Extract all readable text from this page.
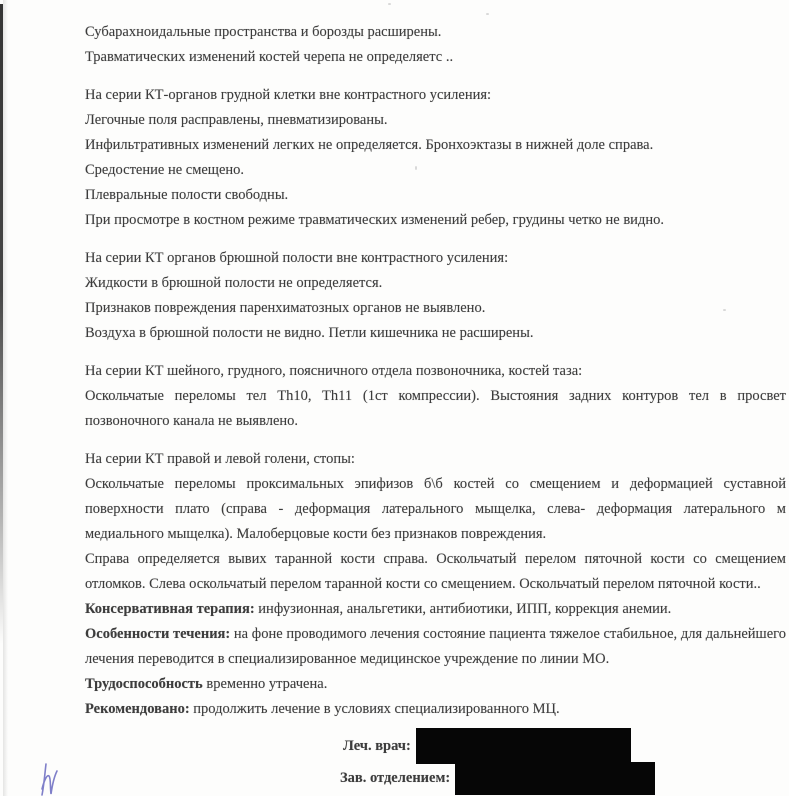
Субарахноидальные пространства и борозды расширены.

Травматических изменений костей черепа не определяетс ..

На серии КТ-органов грудной клетки вне контрастного усиления:

Легочные поля расправлены, пневматизированы.

Инфильтративных изменений легких не определяется. Бронхоэктазы в нижней доле справа.

Средостение не смещено.

Плевральные полости свободны.

При просмотре в костном режиме травматических изменений ребер, грудины четко не видно.

На серии КТ органов брюшной полости вне контрастного усиления:

Жидкости в брюшной полости не определяется.

Признаков повреждения паренхиматозных органов не выявлено.

Воздуха в брюшной полости не видно. Петли кишечника не расширены.

На серии КТ шейного, грудного, поясничного отдела позвоночника, костей таза:

Оскольчатые переломы тел Th10, Th11 (1ст компрессии). Выстояния задних контуров тел в просвет позвоночного канала не выявлено.

На серии КТ правой и левой голени, стопы:

Оскольчатые переломы проксимальных эпифизов б\б костей со смещением и деформацией суставной поверхности плато (справа - деформация латерального мыщелка, слева- деформация латерального м медиального мыщелка). Малоберцовые кости без признаков повреждения.

Справа определяется вывих таранной кости справа. Оскольчатый перелом пяточной кости со смещением отломков. Слева оскольчатый перелом таранной кости со смещением. Оскольчатый перелом пяточной кости..

Консервативная терапия: инфузионная, анальгетики, антибиотики, ИПП, коррекция анемии.

Особенности течения: на фоне проводимого лечения состояние пациента тяжелое стабильное, для дальнейшего лечения переводится в специализированное медицинское учреждение по линии МО.

Трудоспособность временно утрачена.

Рекомендовано: продолжить лечение в условиях специализированного МЦ.

Леч. врач:
Зав. отделением:
